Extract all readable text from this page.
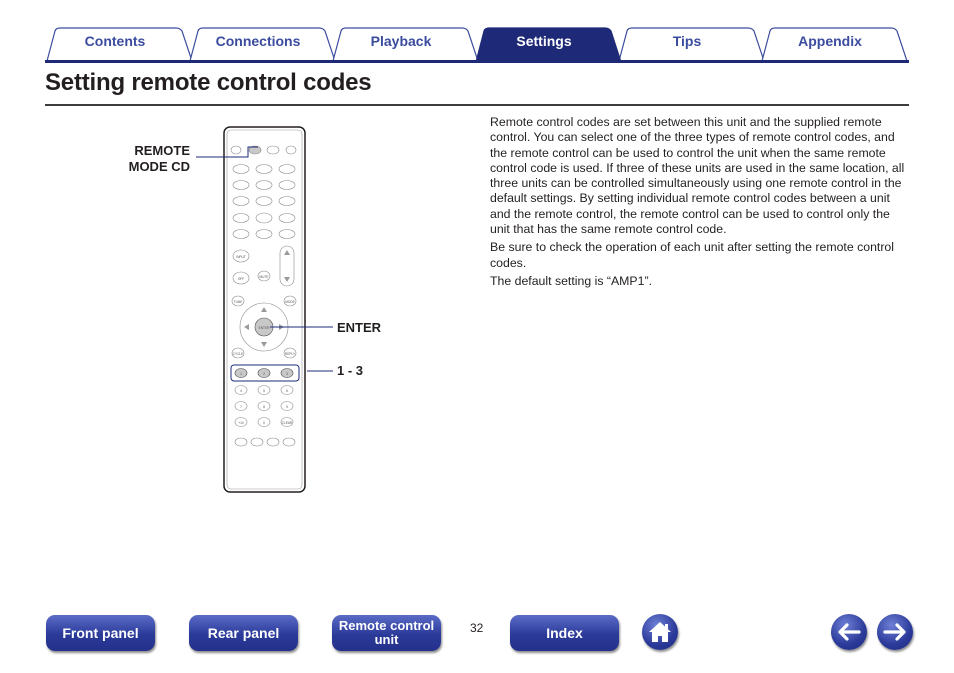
Contents	Connections	Playback	Settings	Tips	Appendix
Setting remote control codes
ENTER
1	2	3
4	5	6
7	8	9
+10	0	CLEAR
INPUT
OFF	MUTE
TUNE	MODE
CYCLE	REPLY
REMOTE
MODE CD
ENTER
1 - 3

Remote control codes are set between this unit and the supplied remote control. You can select one of the three types of remote control codes, and the remote control can be used to control the unit when the same remote control code is used. If three of these units are used in the same location, all three units can be controlled simultaneously using one remote control in the default settings. By setting individual remote control codes between a unit and the remote control, the remote control can be used to control only the unit that has the same remote control code.

Be sure to check the operation of each unit after setting the remote control codes.

The default setting is “AMP1”.

Front panel	Rear panel	Remote control
unit
32	Index
